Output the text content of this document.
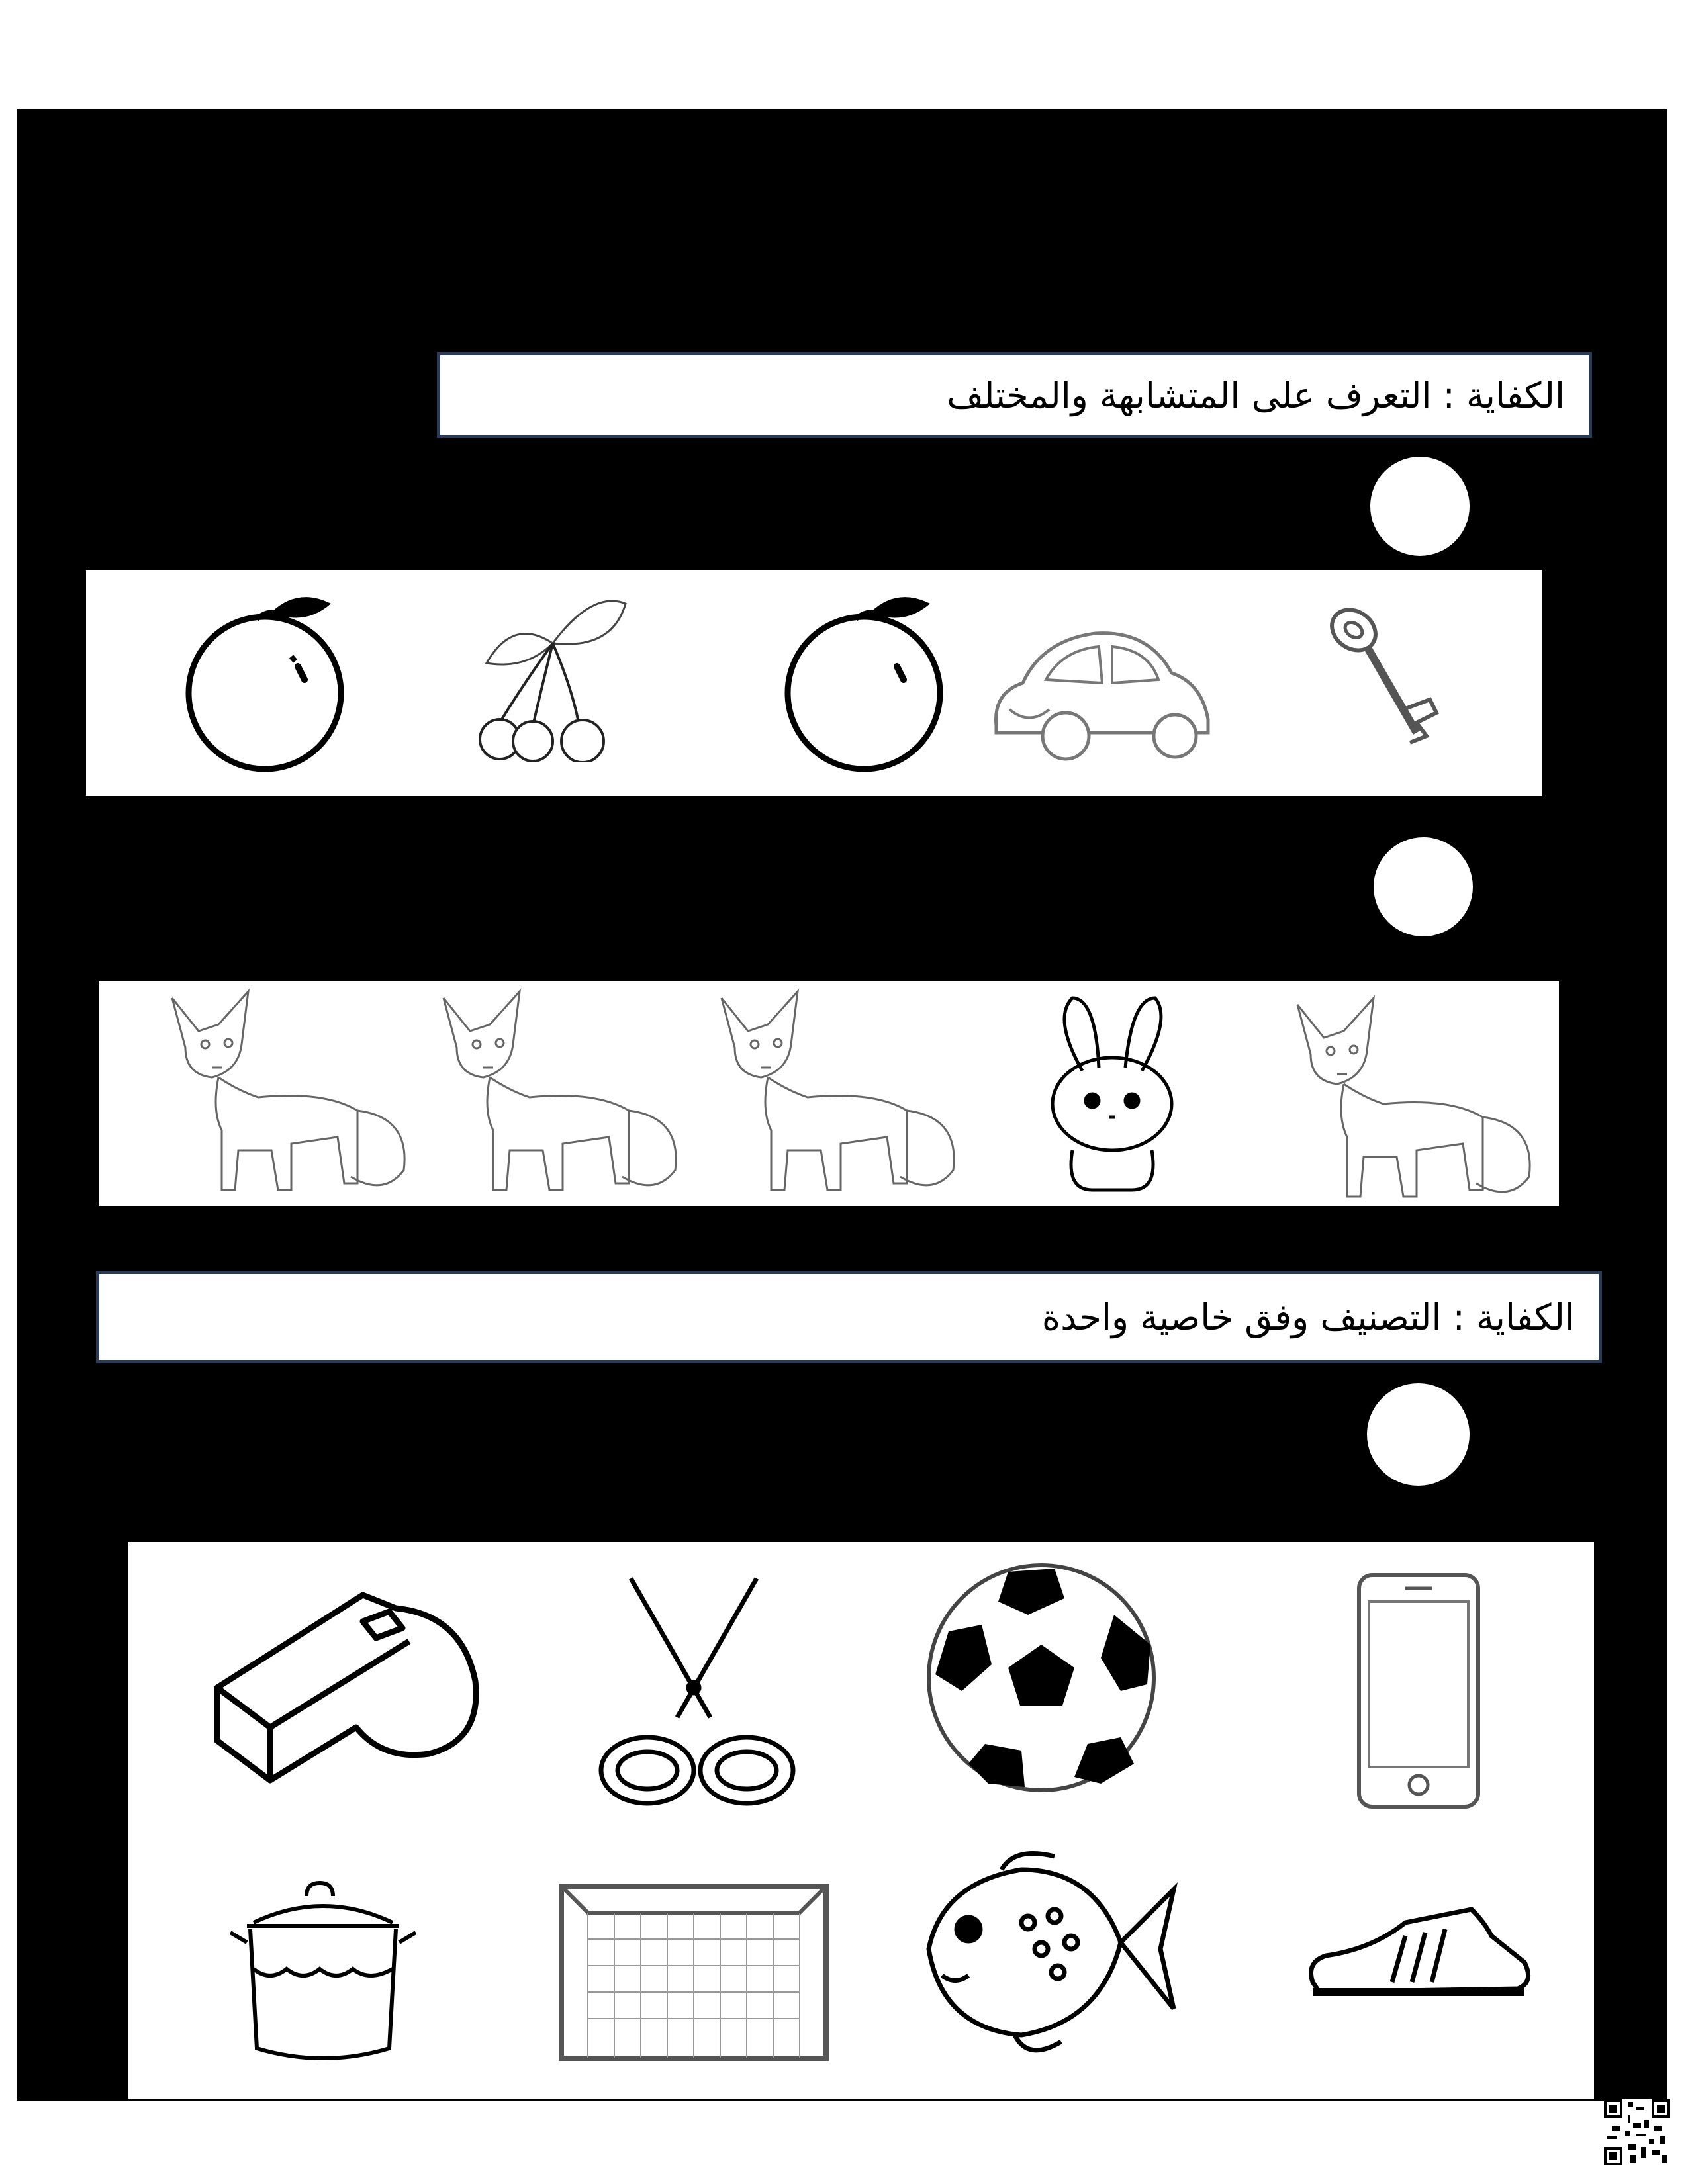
الكفاية : التعرف على المتشابهة والمختلف
الكفاية : التصنيف وفق خاصية واحدة
